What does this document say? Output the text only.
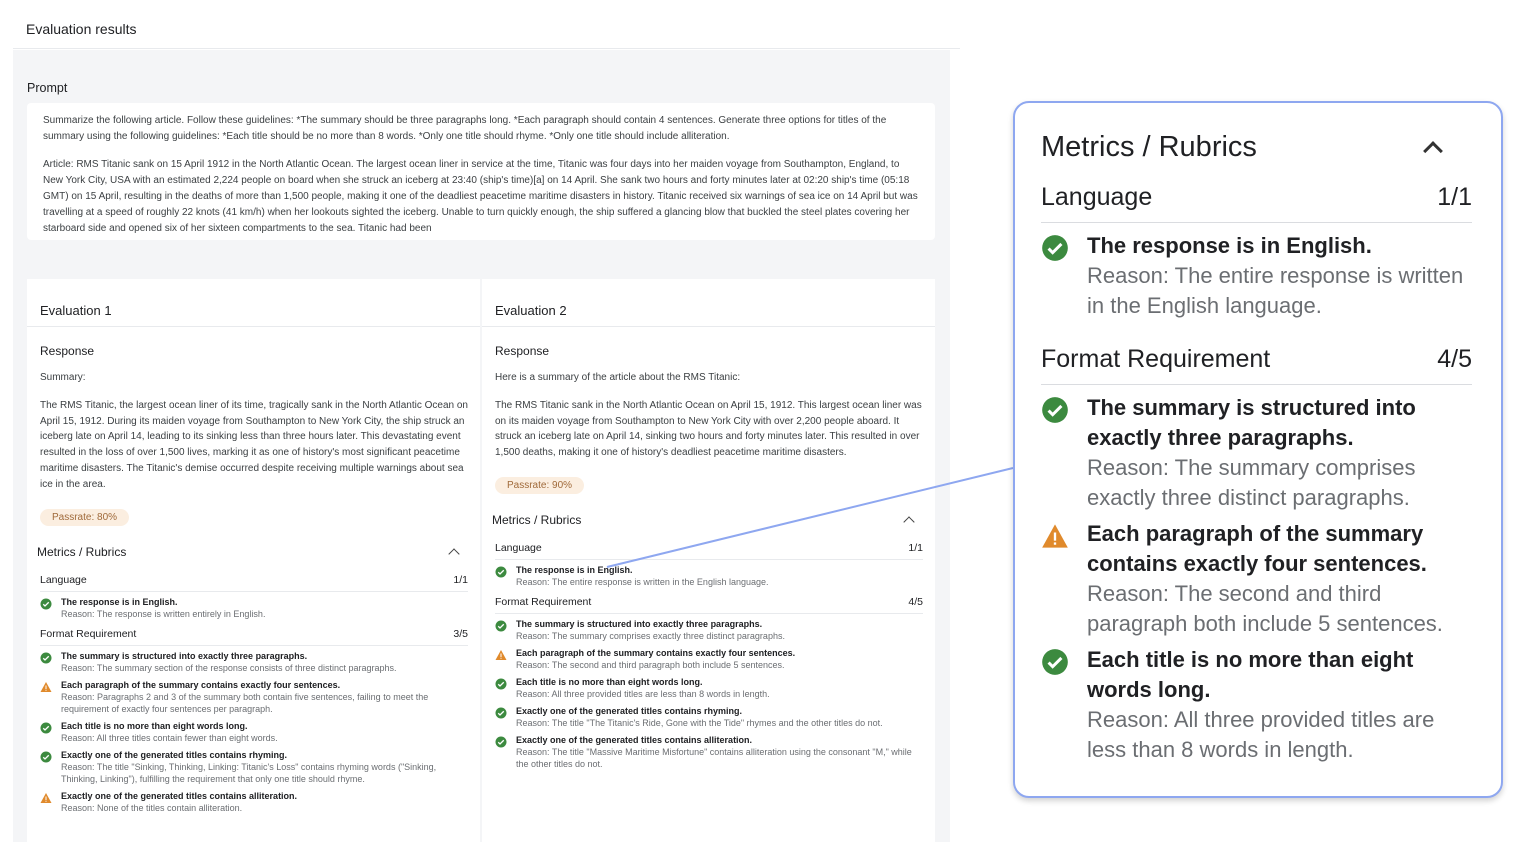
Evaluation results
Prompt

Summarize the following article. Follow these guidelines: *The summary should be three paragraphs long. *Each paragraph should contain 4 sentences. Generate three options for titles of the summary using the following guidelines: *Each title should be no more than 8 words. *Only one title should rhyme. *Only one title should include alliteration.

Article: RMS Titanic sank on 15 April 1912 in the North Atlantic Ocean. The largest ocean liner in service at the time, Titanic was four days into her maiden voyage from Southampton, England, to New York City, USA with an estimated 2,224 people on board when she struck an iceberg at 23:40 (ship's time)[a] on 14 April. She sank two hours and forty minutes later at 02:20 ship's time (05:18 GMT) on 15 April, resulting in the deaths of more than 1,500 people, making it one of the deadliest peacetime maritime disasters in history. Titanic received six warnings of sea ice on 14 April but was travelling at a speed of roughly 22 knots (41 km/h) when her lookouts sighted the iceberg. Unable to turn quickly enough, the ship suffered a glancing blow that buckled the steel plates covering her starboard side and opened six of her sixteen compartments to the sea. Titanic had been

Evaluation 1
Response

Summary:

The RMS Titanic, the largest ocean liner of its time, tragically sank in the North Atlantic Ocean on April 15, 1912. During its maiden voyage from Southampton to New York City, the ship struck an iceberg late on April 14, leading to its sinking less than three hours later. This devastating event resulted in the loss of over 1,500 lives, marking it as one of history's most significant peacetime maritime disasters. The Titanic's demise occurred despite receiving multiple warnings about sea ice in the area.

Passrate: 80%
Metrics / Rubrics
Language	1/1
The response is in English.
Reason: The response is written entirely in English.
Format Requirement	3/5
The summary is structured into exactly three paragraphs.
Reason: The summary section of the response consists of three distinct paragraphs.
Each paragraph of the summary contains exactly four sentences.
Reason: Paragraphs 2 and 3 of the summary both contain five sentences, failing to meet the requirement of exactly four sentences per paragraph.
Each title is no more than eight words long.
Reason: All three titles contain fewer than eight words.
Exactly one of the generated titles contains rhyming.
Reason: The title "Sinking, Thinking, Linking: Titanic's Loss" contains rhyming words ("Sinking, Thinking, Linking"), fulfilling the requirement that only one title should rhyme.
Exactly one of the generated titles contains alliteration.
Reason: None of the titles contain alliteration.
Evaluation 2
Response

Here is a summary of the article about the RMS Titanic:

The RMS Titanic sank in the North Atlantic Ocean on April 15, 1912. This largest ocean liner was on its maiden voyage from Southampton to New York City with over 2,200 people aboard. It struck an iceberg late on April 14, sinking two hours and forty minutes later. This resulted in over 1,500 deaths, making it one of history's deadliest peacetime maritime disasters.

Passrate: 90%
Metrics / Rubrics
Language	1/1
The response is in English.
Reason: The entire response is written in the English language.
Format Requirement	4/5
The summary is structured into exactly three paragraphs.
Reason: The summary comprises exactly three distinct paragraphs.
Each paragraph of the summary contains exactly four sentences.
Reason: The second and third paragraph both include 5 sentences.
Each title is no more than eight words long.
Reason: All three provided titles are less than 8 words in length.
Exactly one of the generated titles contains rhyming.
Reason: The title "The Titanic's Ride, Gone with the Tide" rhymes and the other titles do not.
Exactly one of the generated titles contains alliteration.
Reason: The title "Massive Maritime Misfortune" contains alliteration using the consonant "M," while the other titles do not.
Metrics / Rubrics
Language	1/1
The response is in English.
Reason: The entire response is written in the English language.
Format Requirement	4/5
The summary is structured into exactly three paragraphs.
Reason: The summary comprises exactly three distinct paragraphs.
Each paragraph of the summary contains exactly four sentences.
Reason: The second and third paragraph both include 5 sentences.
Each title is no more than eight words long.
Reason: All three provided titles are less than 8 words in length.
